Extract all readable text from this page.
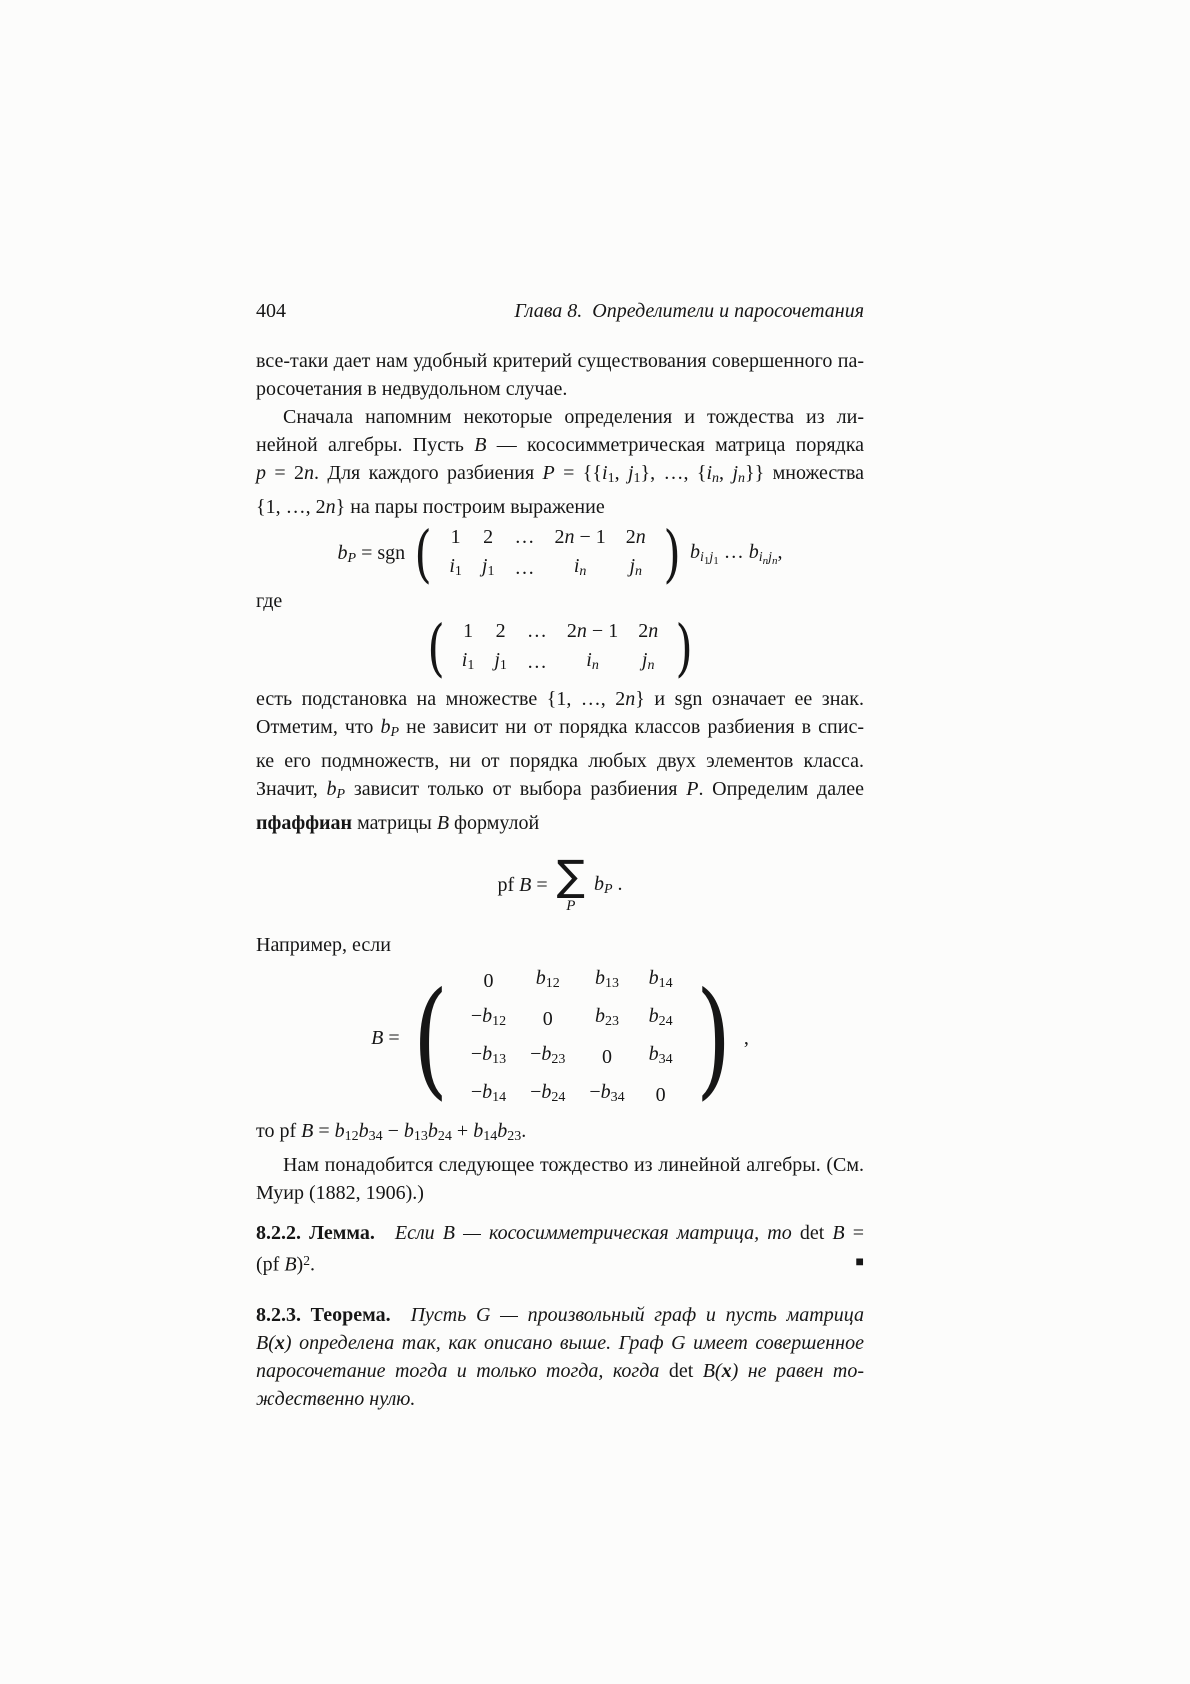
404	Глава 8.  Определители и паросочетания
все-таки дает нам удобный критерий существования совершенного па-
росочетания в недвудольном случае.
Сначала напомним некоторые определения и тождества из ли-
нейной алгебры. Пусть B — кососимметрическая матрица порядка
p = 2n. Для каждого разбиения P = {{i1, j1}, …, {in, jn}} множества
{1, …, 2n} на пары построим выражение
bP = sgn ( 1 2 … 2n − 1 2n
i1 j1 … in jn ) $bi_1j_1$ … $bi_nj_n$,
где
( 1 2 … 2n − 1 2n
i1 j1 … in jn )
есть подстановка на множестве {1, …, 2n} и sgn означает ее знак.
Отметим, что bP не зависит ни от порядка классов разбиения в спис-
ке его подмножеств, ни от порядка любых двух элементов класса.
Значит, bP зависит только от выбора разбиения P. Определим далее
пфаффиан матрицы B формулой
pf B = ∑
P
bP .
Например, если
B = ( 0 b12 b13 b14
−b12 0 b23 b24
−b13 −b23 0 b34
−b14 −b24 −b34 0 ) ,
то pf B = b12b34 − b13b24 + b14b23.
Нам понадобится следующее тождество из линейной алгебры. (См.
Муир (1882, 1906).)
8.2.2. Лемма.  Если B — кососимметрическая матрица, то det B =
(pf B)$^2$.	■
8.2.3. Теорема.  Пусть G — произвольный граф и пусть матрица
B(x) определена так, как описано выше. Граф G имеет совершенное
паросочетание тогда и только тогда, когда det B(x) не равен то-
ждественно нулю.
